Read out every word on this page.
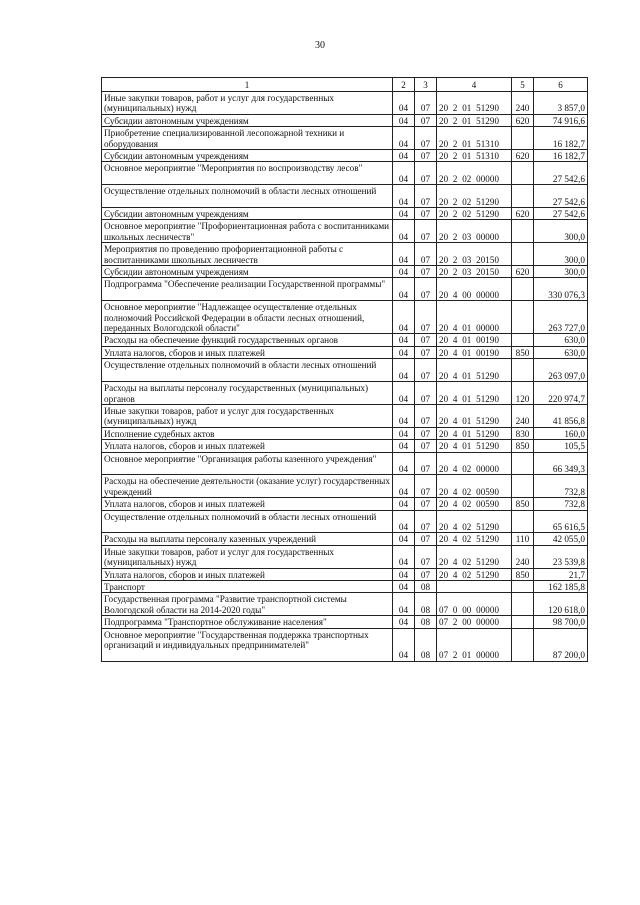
30
1	2	3	4	5	6
Иные закупки товаров, работ и услуг для государственных (муниципальных) нужд	04	07	20  2  01  51290	240	3 857,0
Субсидии автономным учреждениям	04	07	20  2  01  51290	620	74 916,6
Приобретение специализированной лесопожарной техники и оборудования	04	07	20  2  01  51310		16 182,7
Субсидии автономным учреждениям	04	07	20  2  01  51310	620	16 182,7
Основное мероприятие "Мероприятия по воспроизводству лесов"	04	07	20  2  02  00000		27 542,6
Осуществление отдельных полномочий в области лесных отношений	04	07	20  2  02  51290		27 542,6
Субсидии автономным учреждениям	04	07	20  2  02  51290	620	27 542,6
Основное мероприятие "Профориентационная работа с воспитанниками школьных лесничеств"	04	07	20  2  03  00000		300,0
Мероприятия по проведению профориентационной работы с воспитанниками школьных лесничеств	04	07	20  2  03  20150		300,0
Субсидии автономным учреждениям	04	07	20  2  03  20150	620	300,0
Подпрограмма "Обеспечение реализации Государственной программы"	04	07	20  4  00  00000		330 076,3
Основное мероприятие "Надлежащее осуществление отдельных полномочий Российской Федерации в области лесных отношений, переданных Вологодской области"	04	07	20  4  01  00000		263 727,0
Расходы на обеспечение функций государственных органов	04	07	20  4  01  00190		630,0
Уплата налогов, сборов и иных платежей	04	07	20  4  01  00190	850	630,0
Осуществление отдельных полномочий в области лесных отношений	04	07	20  4  01  51290		263 097,0
Расходы на выплаты персоналу государственных (муниципальных) органов	04	07	20  4  01  51290	120	220 974,7
Иные закупки товаров, работ и услуг для государственных (муниципальных) нужд	04	07	20  4  01  51290	240	41 856,8
Исполнение судебных актов	04	07	20  4  01  51290	830	160,0
Уплата налогов, сборов и иных платежей	04	07	20  4  01  51290	850	105,5
Основное мероприятие "Организация работы казенного учреждения"	04	07	20  4  02  00000		66 349,3
Расходы на обеспечение деятельности (оказание услуг) государственных учреждений	04	07	20  4  02  00590		732,8
Уплата налогов, сборов и иных платежей	04	07	20  4  02  00590	850	732,8
Осуществление отдельных полномочий в области лесных отношений	04	07	20  4  02  51290		65 616,5
Расходы на выплаты персоналу казенных учреждений	04	07	20  4  02  51290	110	42 055,0
Иные закупки товаров, работ и услуг для государственных (муниципальных) нужд	04	07	20  4  02  51290	240	23 539,8
Уплата налогов, сборов и иных платежей	04	07	20  4  02  51290	850	21,7
Транспорт	04	08			162 185,8
Государственная программа "Развитие транспортной системы Вологодской области на 2014-2020 годы"	04	08	07  0  00  00000		120 618,0
Подпрограмма "Транспортное обслуживание населения"	04	08	07  2  00  00000		98 700,0
Основное мероприятие "Государственная поддержка транспортных организаций и индивидуальных предпринимателей"	04	08	07  2  01  00000		87 200,0
